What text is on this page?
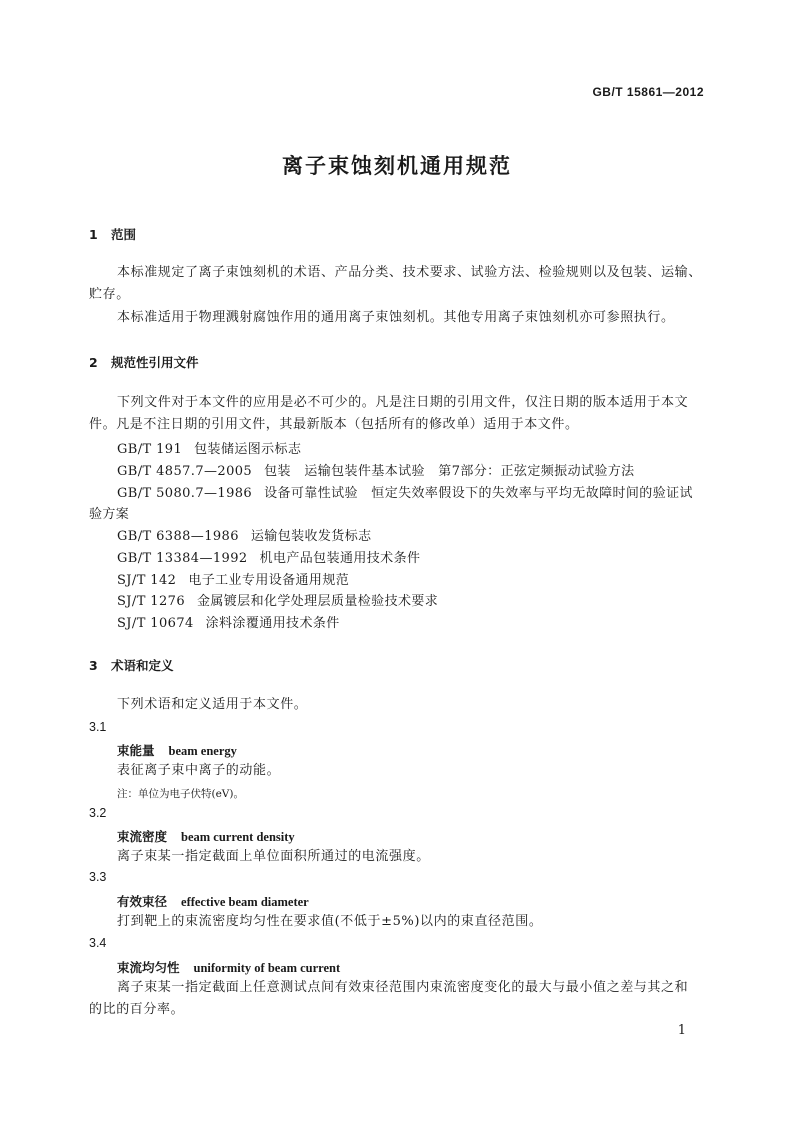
GB/T 15861—2012
离子束蚀刻机通用规范
1 范围
本标准规定了离子束蚀刻机的术语、产品分类、技术要求、试验方法、检验规则以及包装、运输、
贮存。
本标准适用于物理溅射腐蚀作用的通用离子束蚀刻机。其他专用离子束蚀刻机亦可参照执行。
2 规范性引用文件
下列文件对于本文件的应用是必不可少的。凡是注日期的引用文件，仅注日期的版本适用于本文
件。凡是不注日期的引用文件，其最新版本（包括所有的修改单）适用于本文件。
GB/T 191 包装储运图示标志
GB/T 4857.7—2005 包装　运输包装件基本试验　第7部分：正弦定频振动试验方法
GB/T 5080.7—1986 设备可靠性试验　恒定失效率假设下的失效率与平均无故障时间的验证试
验方案
GB/T 6388—1986 运输包装收发货标志
GB/T 13384—1992 机电产品包装通用技术条件
SJ/T 142 电子工业专用设备通用规范
SJ/T 1276 金属镀层和化学处理层质量检验技术要求
SJ/T 10674 涂料涂覆通用技术条件
3 术语和定义
下列术语和定义适用于本文件。
3.1
束能量 beam energy
表征离子束中离子的动能。
注：单位为电子伏特(eV)。
3.2
束流密度 beam current density
离子束某一指定截面上单位面积所通过的电流强度。
3.3
有效束径 effective beam diameter
打到靶上的束流密度均匀性在要求值(不低于±5%)以内的束直径范围。
3.4
束流均匀性 uniformity of beam current
离子束某一指定截面上任意测试点间有效束径范围内束流密度变化的最大与最小值之差与其之和
的比的百分率。
1
